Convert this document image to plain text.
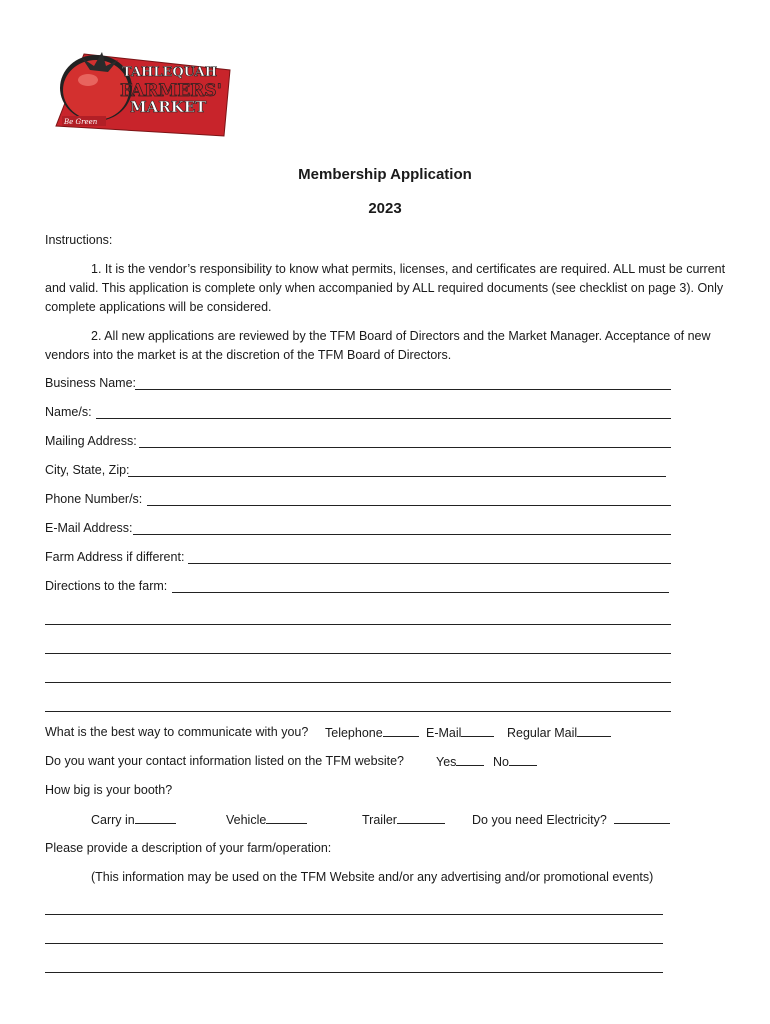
TAHLEQUAH
FARMERS'
MARKET
Be Green
Membership Application
2023
Instructions:
1. It is the vendor’s responsibility to know what permits, licenses, and certificates are required. ALL must be current and valid. This application is complete only when accompanied by ALL required documents (see checklist on page 3). Only complete applications will be considered.
2. All new applications are reviewed by the TFM Board of Directors and the Market Manager. Acceptance of new vendors into the market is at the discretion of the TFM Board of Directors.
Business Name:
Name/s:
Mailing Address:
City, State, Zip:
Phone Number/s:
E-Mail Address:
Farm Address if different:
Directions to the farm:
What is the best way to communicate with you? Telephone	E-Mail	Regular Mail
Do you want your contact information listed on the TFM website?	Yes	No
How big is your booth?
Carry in	Vehicle	Trailer	Do you need Electricity?
Please provide a description of your farm/operation:
(This information may be used on the TFM Website and/or any advertising and/or promotional events)
